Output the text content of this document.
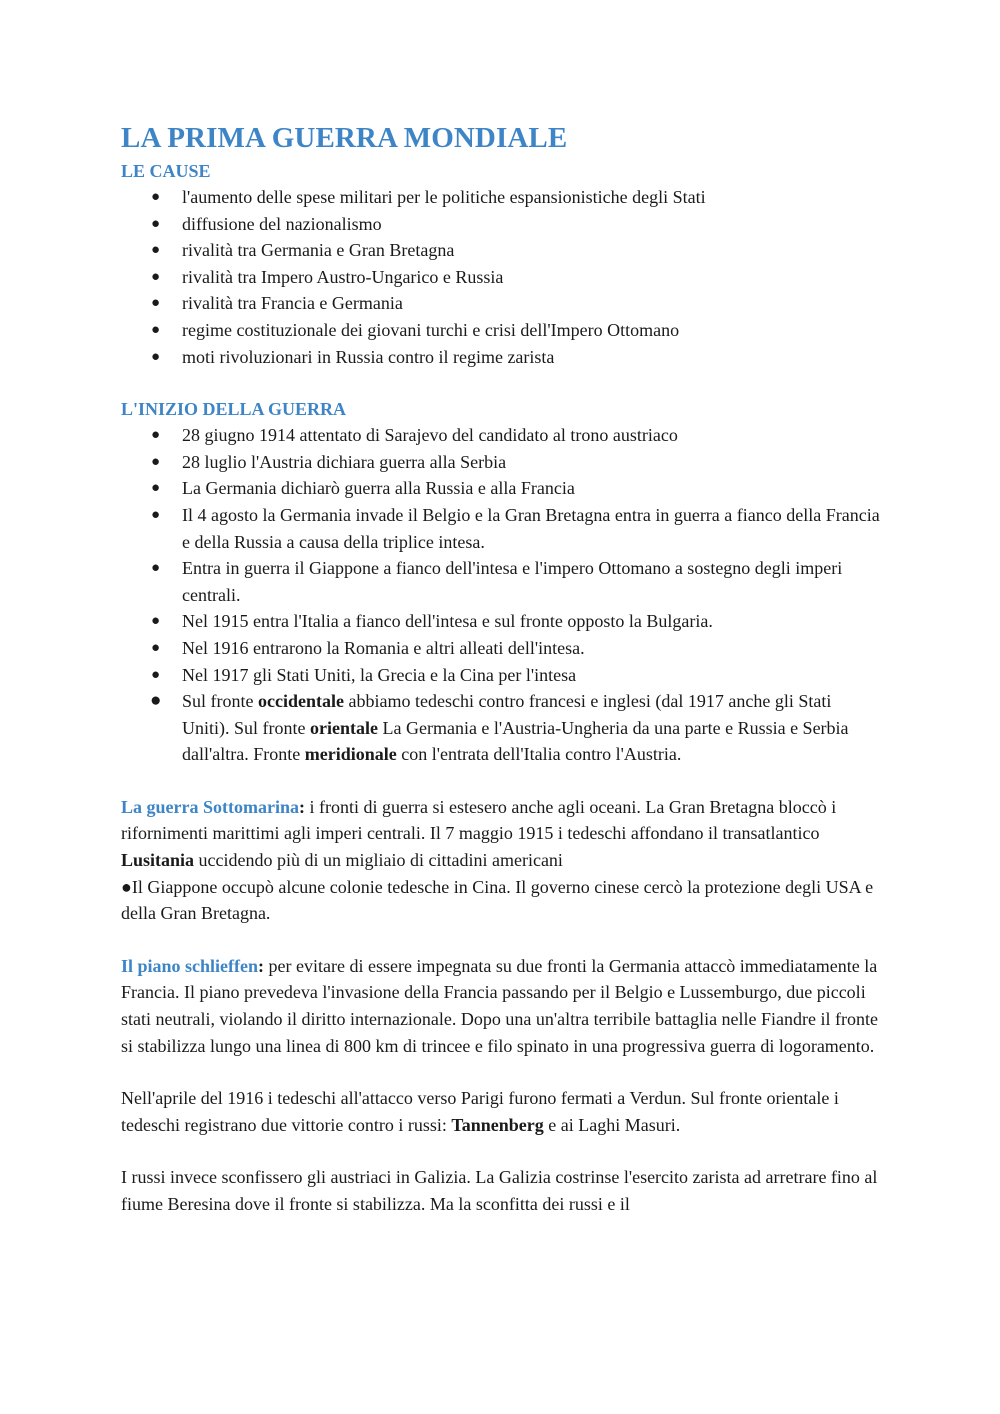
LA PRIMA GUERRA MONDIALE
LE CAUSE
● l'aumento delle spese militari per le politiche espansionistiche degli Stati
● diffusione del nazionalismo
● rivalità tra Germania e Gran Bretagna
● rivalità tra Impero Austro-Ungarico e Russia
● rivalità tra Francia e Germania
● regime costituzionale dei giovani turchi e crisi dell'Impero Ottomano
● moti rivoluzionari in Russia contro il regime zarista
L'INIZIO DELLA GUERRA
● 28 giugno 1914 attentato di Sarajevo del candidato al trono austriaco
● 28 luglio l'Austria dichiara guerra alla Serbia
● La Germania dichiarò guerra alla Russia e alla Francia
● Il 4 agosto la Germania invade il Belgio e la Gran Bretagna entra in guerra a fianco della Francia e della Russia a causa della triplice intesa.
● Entra in guerra il Giappone a fianco dell'intesa e l'impero Ottomano a sostegno degli imperi centrali.
● Nel 1915 entra l'Italia a fianco dell'intesa e sul fronte opposto la Bulgaria.
● Nel 1916 entrarono la Romania e altri alleati dell'intesa.
● Nel 1917 gli Stati Uniti, la Grecia e la Cina per l'intesa
● Sul fronte occidentale abbiamo tedeschi contro francesi e inglesi (dal 1917 anche gli Stati Uniti). Sul fronte orientale La Germania e l'Austria-Ungheria da una parte e Russia e Serbia dall'altra. Fronte meridionale con l'entrata dell'Italia contro l'Austria.

La guerra Sottomarina: i fronti di guerra si estesero anche agli oceani. La Gran Bretagna bloccò i rifornimenti marittimi agli imperi centrali. Il 7 maggio 1915 i tedeschi affondano il transatlantico Lusitania uccidendo più di un migliaio di cittadini americani

●Il Giappone occupò alcune colonie tedesche in Cina. Il governo cinese cercò la protezione degli USA e della Gran Bretagna.

Il piano schlieffen: per evitare di essere impegnata su due fronti la Germania attaccò immediatamente la Francia. Il piano prevedeva l'invasione della Francia passando per il Belgio e Lussemburgo, due piccoli stati neutrali, violando il diritto internazionale. Dopo una un'altra terribile battaglia nelle Fiandre il fronte si stabilizza lungo una linea di 800 km di trincee e filo spinato in una progressiva guerra di logoramento.

Nell'aprile del 1916 i tedeschi all'attacco verso Parigi furono fermati a Verdun. Sul fronte orientale i tedeschi registrano due vittorie contro i russi: Tannenberg e ai Laghi Masuri.

I russi invece sconfissero gli austriaci in Galizia. La Galizia costrinse l'esercito zarista ad arretrare fino al fiume Beresina dove il fronte si stabilizza. Ma la sconfitta dei russi e il
